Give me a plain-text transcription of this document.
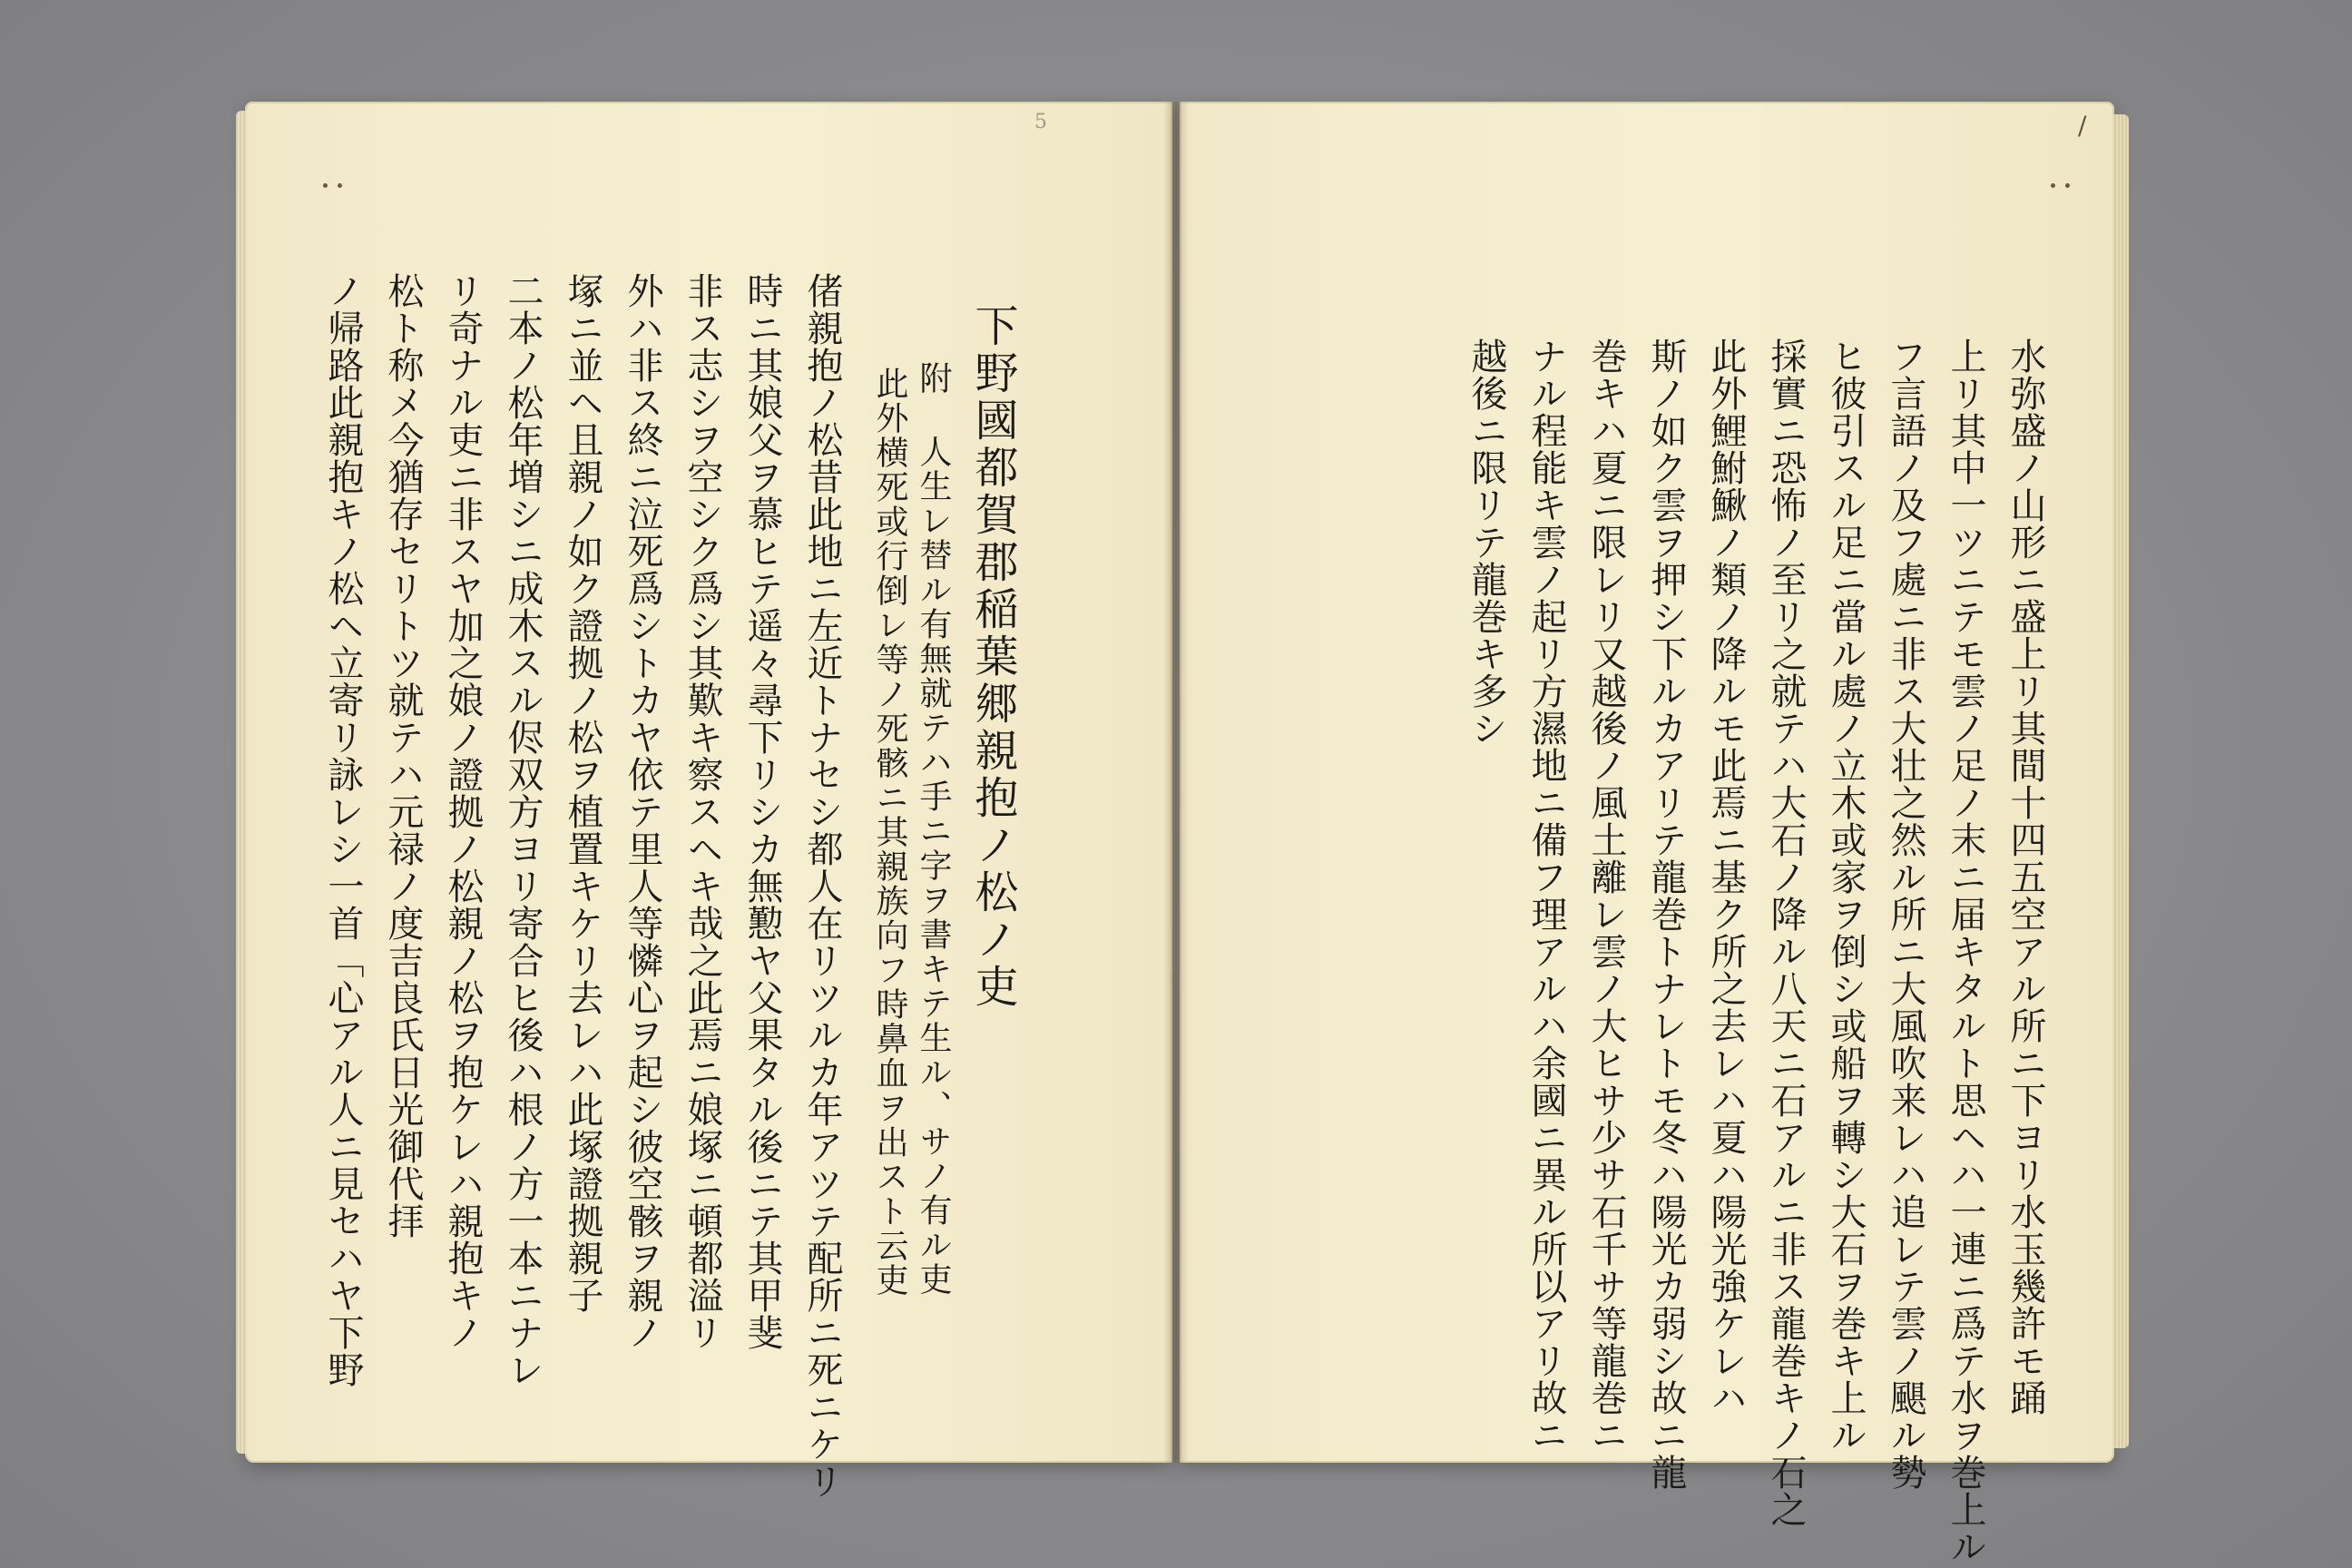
5
下野國都賀郡稲葉郷親抱ノ松ノ吏
附 人生レ替ル有無就テハ手ニ字ヲ書キテ生ル、サノ有ル吏
此外横死或行倒レ等ノ死骸ニ其親族向フ時鼻血ヲ出スト云吏
偖親抱ノ松昔此地ニ左近トナセシ都人在リツルカ年アツテ配所ニ死ニケリ
時ニ其娘父ヲ慕ヒテ遥々尋下リシカ無懃ヤ父果タル後ニテ其甲斐
非ス志シヲ空シク爲シ其歎キ察スヘキ哉之此焉ニ娘塚ニ頓都溢リ
外ハ非ス終ニ泣死爲シトカヤ依テ里人等憐心ヲ起シ彼空骸ヲ親ノ
塚ニ並ヘ且親ノ如ク證拠ノ松ヲ植置キケリ去レハ此塚證拠親子
二本ノ松年増シニ成木スル侭双方ヨリ寄合ヒ後ハ根ノ方一本ニナレ
リ奇ナル吏ニ非スヤ加之娘ノ證拠ノ松親ノ松ヲ抱ケレハ親抱キノ
松ト称メ今猶存セリトツ就テハ元禄ノ度吉良氏日光御代拝
ノ帰路此親抱キノ松ヘ立寄リ詠レシ一首「心アル人ニ見セハヤ下野
/
水弥盛ノ山形ニ盛上リ其間十四五空アル所ニ下ヨリ水玉幾許モ踊
上リ其中一ツニテモ雲ノ足ノ末ニ届キタルト思ヘハ一連ニ爲テ水ヲ巻上ル
フ言語ノ及フ處ニ非ス大壮之然ル所ニ大風吹来レハ追レテ雲ノ颶ル勢
ヒ彼引スル足ニ當ル處ノ立木或家ヲ倒シ或船ヲ轉シ大石ヲ巻キ上ル
採實ニ恐怖ノ至リ之就テハ大石ノ降ル八天ニ石アルニ非ス龍巻キノ石之
此外鯉鮒鰍ノ類ノ降ルモ此焉ニ基ク所之去レハ夏ハ陽光強ケレハ
斯ノ如ク雲ヲ押シ下ルカアリテ龍巻トナレトモ冬ハ陽光カ弱シ故ニ龍
巻キハ夏ニ限レリ又越後ノ風土離レ雲ノ大ヒサ少サ石千サ等龍巻ニ
ナル程能キ雲ノ起リ方濕地ニ備フ理アルハ余國ニ異ル所以アリ故ニ
越後ニ限リテ龍巻キ多シ
